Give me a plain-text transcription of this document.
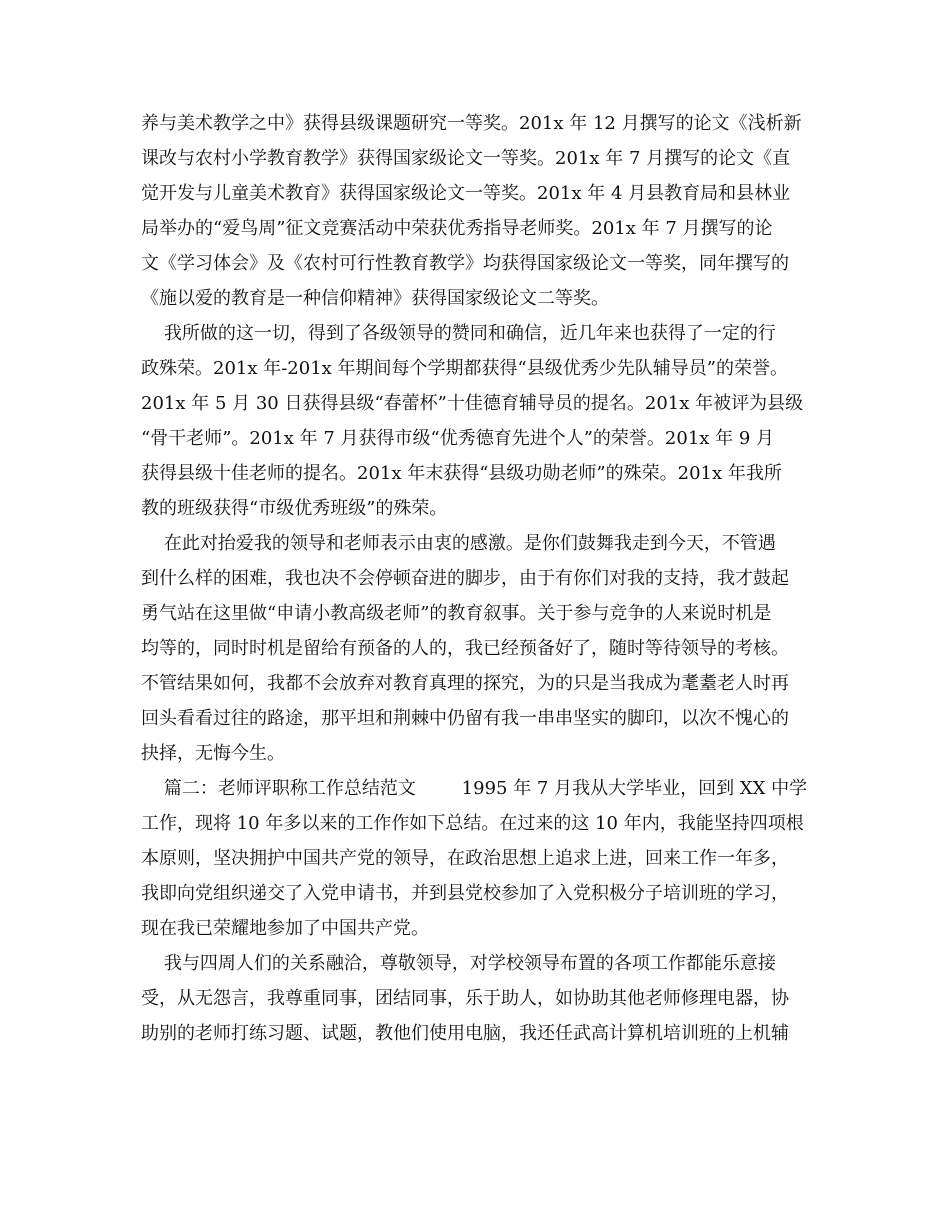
养与美术教学之中》获得县级课题研究一等奖。201x 年 12 月撰写的论文《浅析新
课改与农村小学教育教学》获得国家级论文一等奖。201x 年 7 月撰写的论文《直
觉开发与儿童美术教育》获得国家级论文一等奖。201x 年 4 月县教育局和县林业
局举办的“爱鸟周”征文竞赛活动中荣获优秀指导老师奖。201x 年 7 月撰写的论
文《学习体会》及《农村可行性教育教学》均获得国家级论文一等奖，同年撰写的
《施以爱的教育是一种信仰精神》获得国家级论文二等奖。
我所做的这一切，得到了各级领导的赞同和确信，近几年来也获得了一定的行
政殊荣。201x 年-201x 年期间每个学期都获得“县级优秀少先队辅导员”的荣誉。
201x 年 5 月 30 日获得县级“春蕾杯”十佳德育辅导员的提名。201x 年被评为县级
“骨干老师”。201x 年 7 月获得市级“优秀德育先进个人”的荣誉。201x 年 9 月
获得县级十佳老师的提名。201x 年末获得“县级功勋老师”的殊荣。201x 年我所
教的班级获得“市级优秀班级”的殊荣。
在此对抬爱我的领导和老师表示由衷的感激。是你们鼓舞我走到今天，不管遇
到什么样的困难，我也决不会停顿奋进的脚步，由于有你们对我的支持，我才鼓起
勇气站在这里做“申请小教高级老师”的教育叙事。关于参与竞争的人来说时机是
均等的，同时时机是留给有预备的人的，我已经预备好了，随时等待领导的考核。
不管结果如何，我都不会放弃对教育真理的探究，为的只是当我成为耄耋老人时再
回头看看过往的路途，那平坦和荆棘中仍留有我一串串坚实的脚印，以次不愧心的
抉择，无悔今生。
篇二：老师评职称工作总结范文        1995 年 7 月我从大学毕业，回到 XX 中学
工作，现将 10 年多以来的工作作如下总结。在过来的这 10 年内，我能坚持四项根
本原则，坚决拥护中国共产党的领导，在政治思想上追求上进，回来工作一年多，
我即向党组织递交了入党申请书，并到县党校参加了入党积极分子培训班的学习，
现在我已荣耀地参加了中国共产党。
我与四周人们的关系融洽，尊敬领导，对学校领导布置的各项工作都能乐意接
受，从无怨言，我尊重同事，团结同事，乐于助人，如协助其他老师修理电器，协
助别的老师打练习题、试题，教他们使用电脑，我还任武高计算机培训班的上机辅
